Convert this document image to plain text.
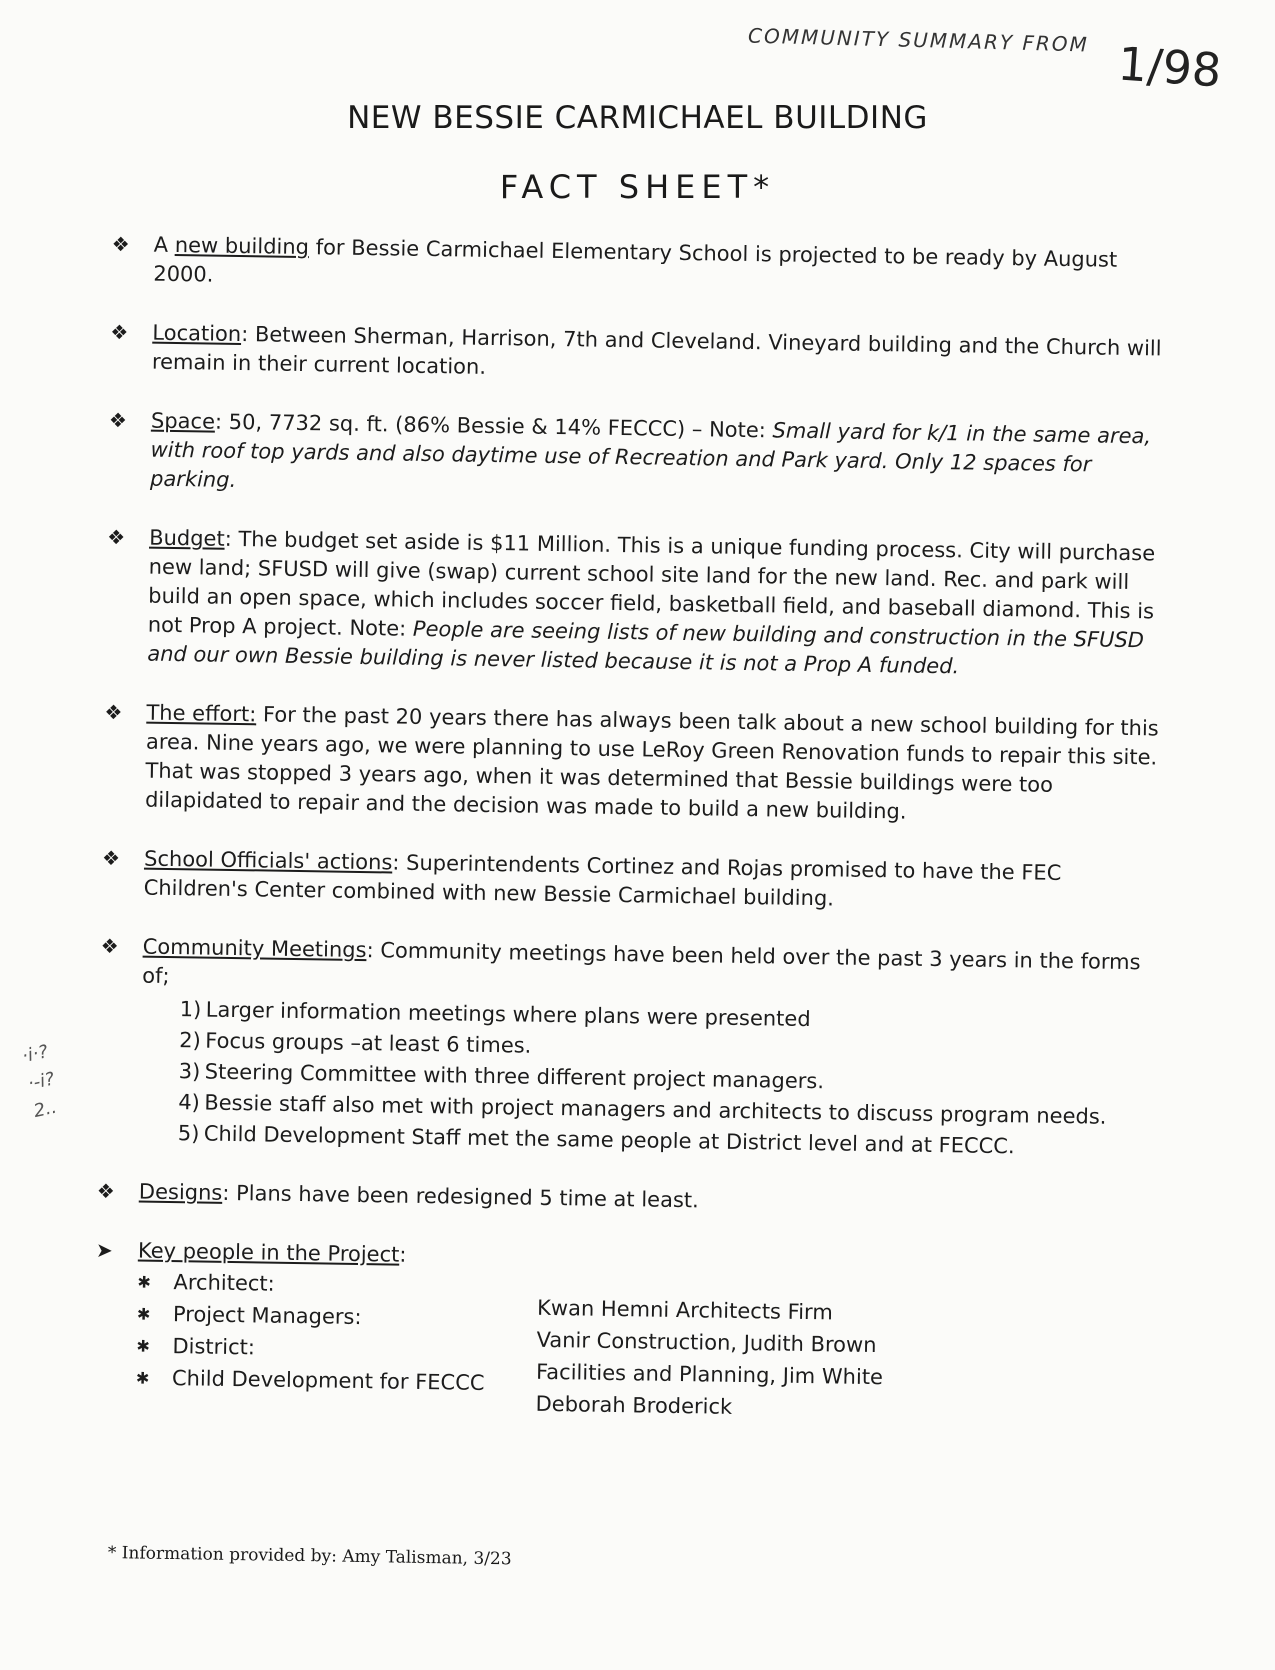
COMMUNITY SUMMARY FROM 1/98
NEW BESSIE CARMICHAEL BUILDING
FACT SHEET*
·i·?
·-i?
2..
❖ A new building for Bessie Carmichael Elementary School is projected to be ready by August 2000.
❖ Location: Between Sherman, Harrison, 7th and Cleveland. Vineyard building and the Church will remain in their current location.
❖ Space: 50, 7732 sq. ft. (86% Bessie & 14% FECCC) – Note: Small yard for k/1 in the same area, with roof top yards and also daytime use of Recreation and Park yard. Only 12 spaces for parking.
❖ Budget: The budget set aside is $11 Million. This is a unique funding process. City will purchase new land; SFUSD will give (swap) current school site land for the new land. Rec. and park will build an open space, which includes soccer field, basketball field, and baseball diamond. This is not Prop A project. Note: People are seeing lists of new building and construction in the SFUSD and our own Bessie building is never listed because it is not a Prop A funded.
❖ The effort: For the past 20 years there has always been talk about a new school building for this area. Nine years ago, we were planning to use LeRoy Green Renovation funds to repair this site. That was stopped 3 years ago, when it was determined that Bessie buildings were too dilapidated to repair and the decision was made to build a new building.
❖ School Officials' actions: Superintendents Cortinez and Rojas promised to have the FEC Children's Center combined with new Bessie Carmichael building.
❖ Community Meetings: Community meetings have been held over the past 3 years in the forms of;
1) Larger information meetings where plans were presented
2) Focus groups –at least 6 times.
3) Steering Committee with three different project managers.
4) Bessie staff also met with project managers and architects to discuss program needs.
5) Child Development Staff met the same people at District level and at FECCC.
❖ Designs: Plans have been redesigned 5 time at least.
➤ Key people in the Project:
✱ Architect:
✱ Project Managers:
✱ District:
✱ Child Development for FECCC
Kwan Hemni Architects Firm
Vanir Construction, Judith Brown
Facilities and Planning, Jim White
Deborah Broderick
* Information provided by: Amy Talisman, 3/23
